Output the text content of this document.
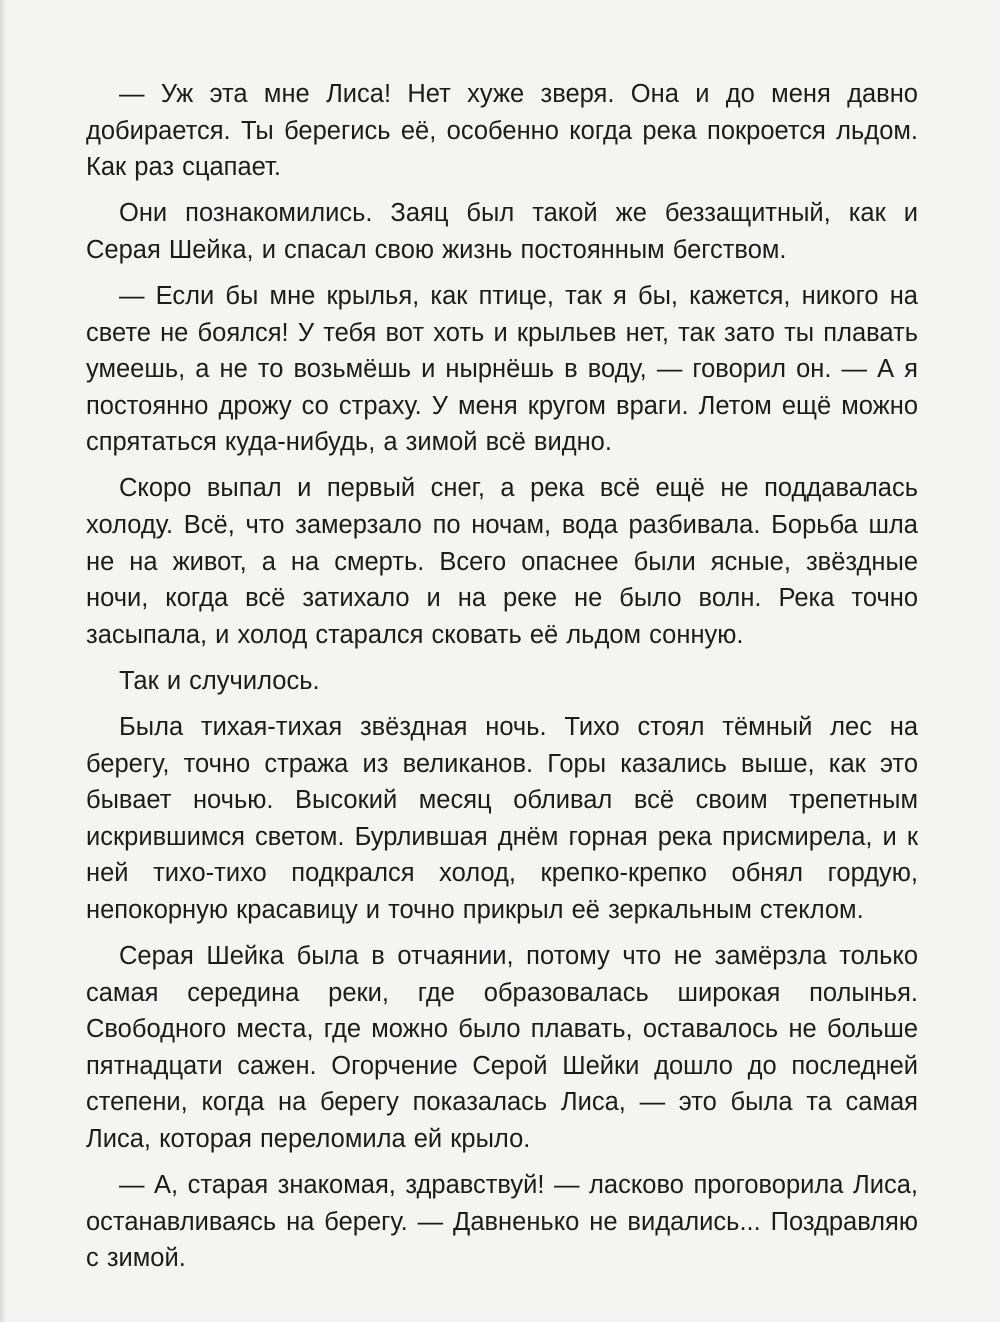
— Уж эта мне Лиса! Нет хуже зверя. Она и до меня давно добирается. Ты берегись её, особенно когда река покроется льдом. Как раз сцапает.

Они познакомились. Заяц был такой же беззащитный, как и Серая Шейка, и спасал свою жизнь постоянным бегством.

— Если бы мне крылья, как птице, так я бы, кажется, никого на свете не боялся! У тебя вот хоть и крыльев нет, так зато ты плавать умеешь, а не то возьмёшь и нырнёшь в воду, — говорил он. — А я постоянно дрожу со страху. У меня кругом враги. Летом ещё можно спрятаться куда-нибудь, а зимой всё видно.

Скоро выпал и первый снег, а река всё ещё не поддавалась холоду. Всё, что замерзало по ночам, вода разбивала. Борьба шла не на живот, а на смерть. Всего опаснее были ясные, звёздные ночи, когда всё затихало и на реке не было волн. Река точно засыпала, и холод старался сковать её льдом сонную.

Так и случилось.

Была тихая-тихая звёздная ночь. Тихо стоял тёмный лес на берегу, точно стража из великанов. Горы казались выше, как это бывает ночью. Высокий месяц обливал всё своим трепетным искрившимся светом. Бурлившая днём горная река присмирела, и к ней тихо-тихо подкрался холод, крепко-крепко обнял гордую, непокорную красавицу и точно прикрыл её зеркальным стеклом.

Серая Шейка была в отчаянии, потому что не замёрзла только самая середина реки, где образовалась широкая полынья. Свободного места, где можно было плавать, оставалось не больше пятнадцати сажен. Огорчение Серой Шейки дошло до последней степени, когда на берегу показалась Лиса, — это была та самая Лиса, которая переломила ей крыло.

— А, старая знакомая, здравствуй! — ласково проговорила Лиса, останавливаясь на берегу. — Давненько не видались... Поздравляю с зимой.
